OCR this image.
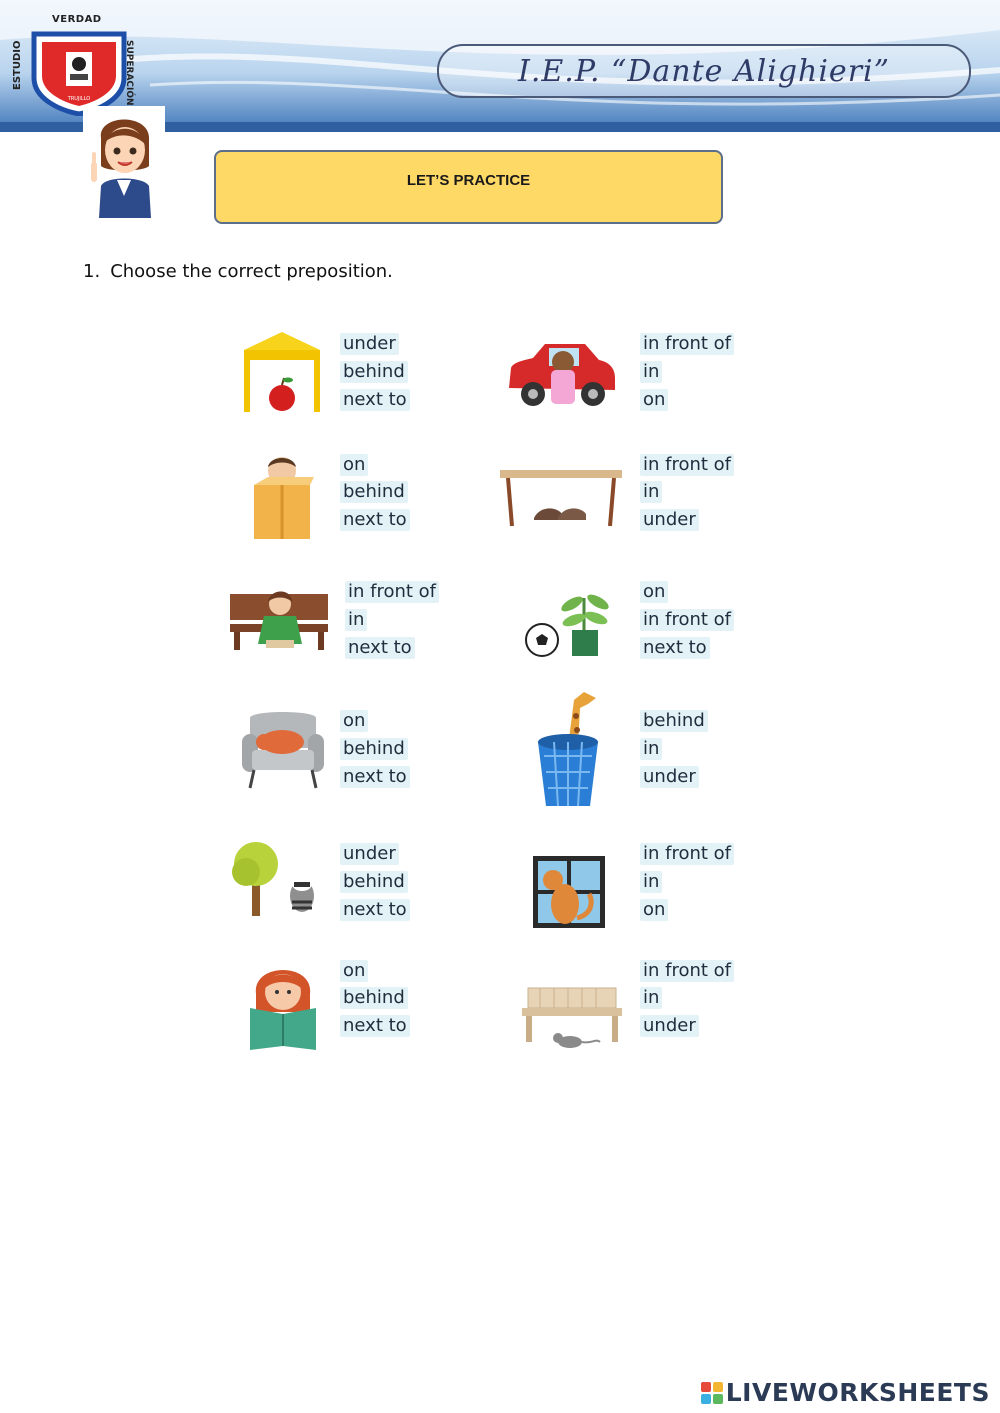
VERDAD
ESTUDIO	SUPERACIÓN
DANTE ALIGHIERI
TRUJILLO
I.E.P. “Dante Alighieri”
LET’S PRACTICE
1. Choose the correct preposition.
under
behind
next to
in front of
in
on
on
behind
next to
in front of
in
under
in front of
in
next to
on
in front of
next to
on
behind
next to
behind
in
under
under
behind
next to
in front of
in
on
on
behind
next to
in front of
in
under
LIVEWORKSHEETS
